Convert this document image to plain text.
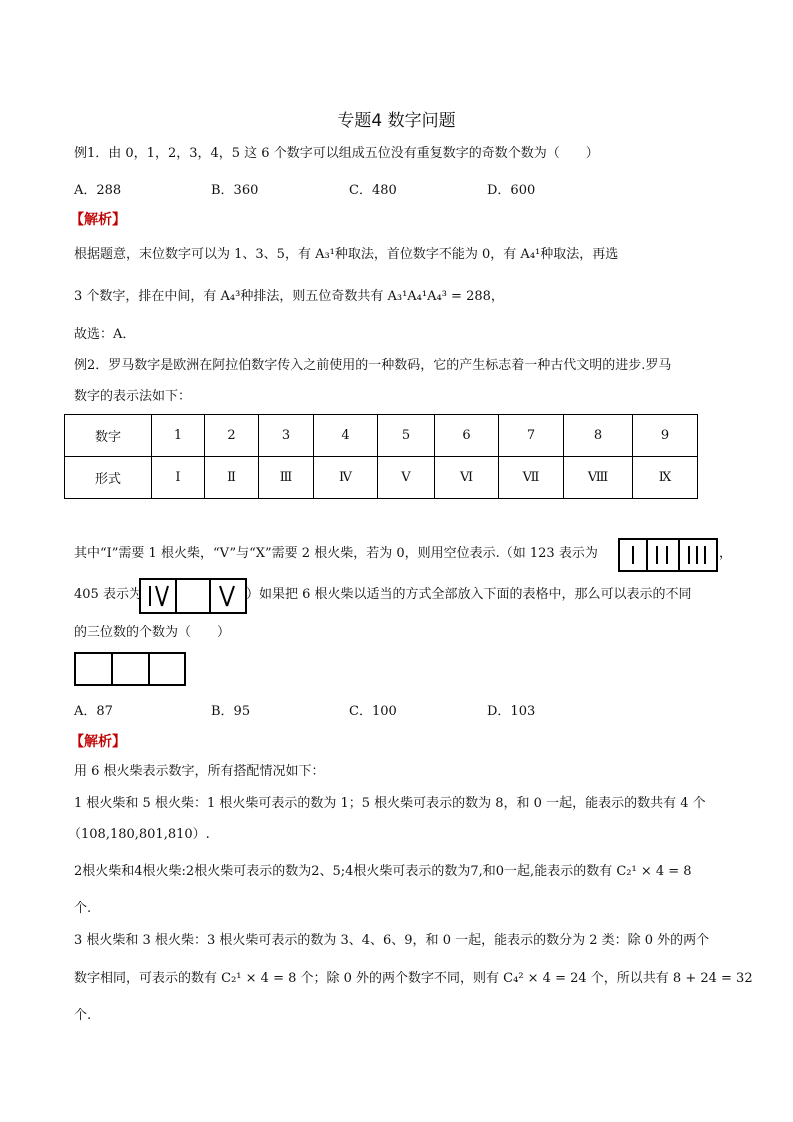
专题4 数字问题
例1．由 0，1，2，3，4，5 这 6 个数字可以组成五位没有重复数字的奇数个数为（　　）
A．288	B．360	C．480	D．600
【解析】
根据题意，末位数字可以为 1、3、5，有 A₃¹种取法，首位数字不能为 0，有 A₄¹种取法，再选
3 个数字，排在中间，有 A₄³种排法，则五位奇数共有 A₃¹A₄¹A₄³ = 288，
故选：A．
例2．罗马数字是欧洲在阿拉伯数字传入之前使用的一种数码，它的产生标志着一种古代文明的进步.罗马
数字的表示法如下：
数字	1	2	3	4	5	6	7	8	9
形式	Ⅰ	Ⅱ	Ⅲ	Ⅳ	Ⅴ	Ⅵ	Ⅶ	Ⅷ	Ⅸ
其中“Ⅰ”需要 1 根火柴，“V”与“X”需要 2 根火柴，若为 0，则用空位表示.（如 123 表示为	，
405 表示为	）如果把 6 根火柴以适当的方式全部放入下面的表格中，那么可以表示的不同
的三位数的个数为（　　）
A．87	B．95	C．100	D．103
【解析】
用 6 根火柴表示数字，所有搭配情况如下：
1 根火柴和 5 根火柴：1 根火柴可表示的数为 1；5 根火柴可表示的数为 8，和 0 一起，能表示的数共有 4 个
（108,180,801,810）.
2根火柴和4根火柴:2根火柴可表示的数为2、5;4根火柴可表示的数为7,和0一起,能表示的数有 C₂¹ × 4 = 8
个.
3 根火柴和 3 根火柴：3 根火柴可表示的数为 3、4、6、9，和 0 一起，能表示的数分为 2 类：除 0 外的两个
数字相同，可表示的数有 C₂¹ × 4 = 8 个；除 0 外的两个数字不同，则有 C₄² × 4 = 24 个，所以共有 8 + 24 = 32
个.
